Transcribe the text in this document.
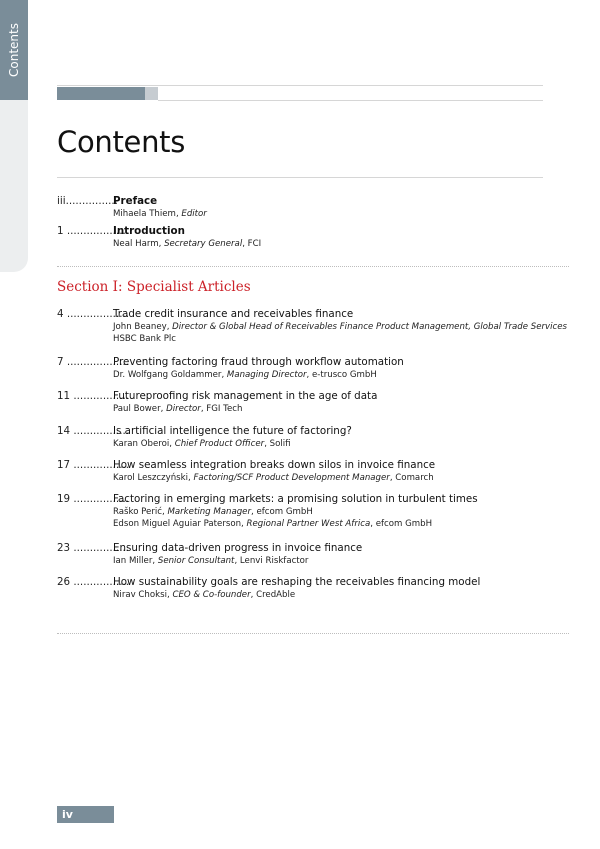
Contents
Contents
iii................
Preface
Mihaela Thiem, Editor
1 ...................
Introduction
Neal Harm, Secretary General, FCI
Section I: Specialist Articles
4 ...................
Trade credit insurance and receivables finance
John Beaney, Director & Global Head of Receivables Finance Product Management, Global Trade Services
HSBC Bank Plc
7 ...................
Preventing factoring fraud through workflow automation
Dr. Wolfgang Goldammer, Managing Director, e-trusco GmbH
11 .................
Futureproofing risk management in the age of data
Paul Bower, Director, FGI Tech
14 .................
Is artificial intelligence the future of factoring?
Karan Oberoi, Chief Product Officer, Solifi
17 .................
How seamless integration breaks down silos in invoice finance
Karol Leszczyński, Factoring/SCF Product Development Manager, Comarch
19 .................
Factoring in emerging markets: a promising solution in turbulent times
Raško Perić, Marketing Manager, efcom GmbH
Edson Miguel Aguiar Paterson, Regional Partner West Africa, efcom GmbH
23 .................
Ensuring data-driven progress in invoice finance
Ian Miller, Senior Consultant, Lenvi Riskfactor
26 .................
How sustainability goals are reshaping the receivables financing model
Nirav Choksi, CEO & Co-founder, CredAble
iv
